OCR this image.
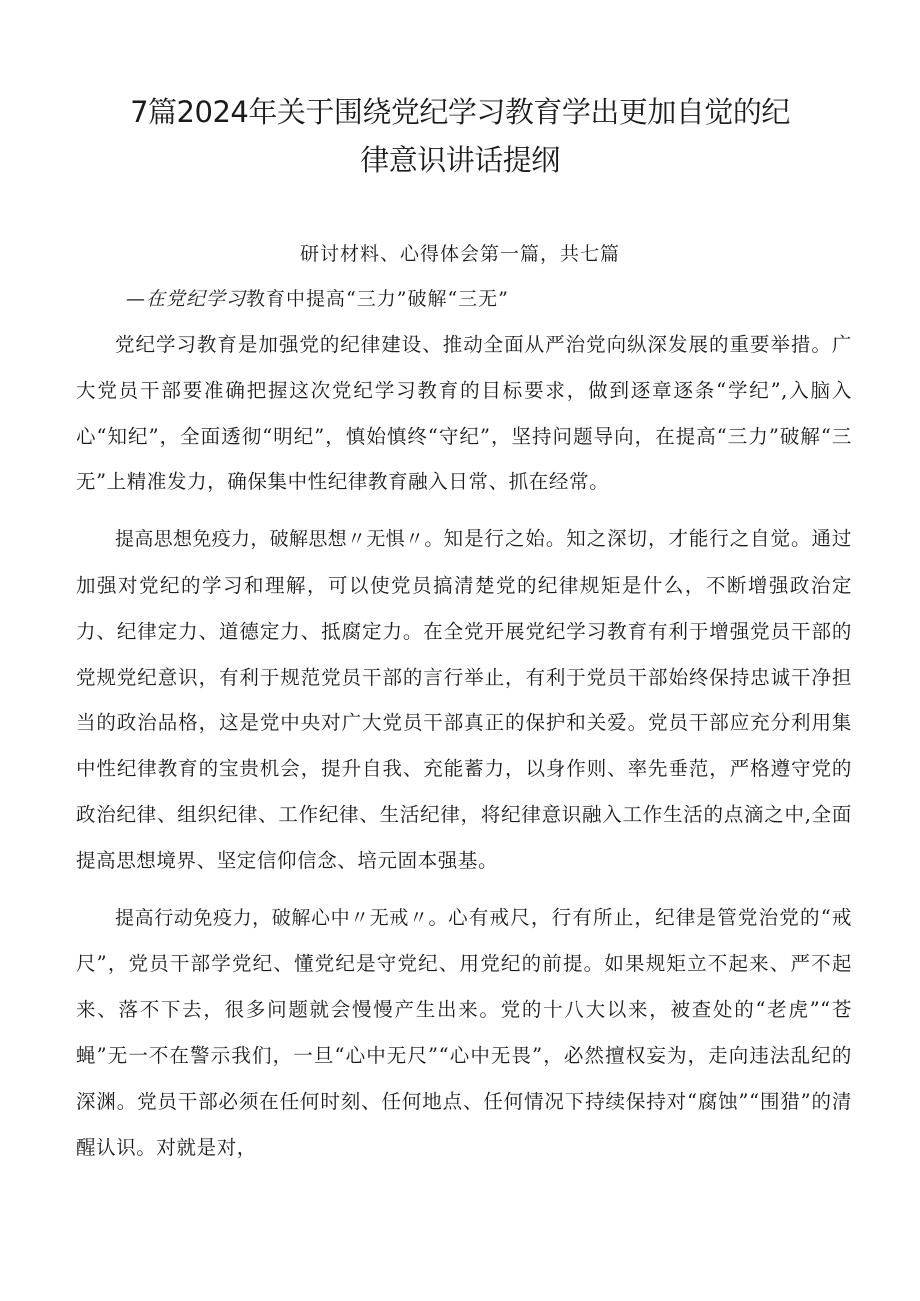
7篇2024年关于围绕党纪学习教育学出更加自觉的纪
律意识讲话提纲
研讨材料、心得体会第一篇，共七篇
—在党纪学习教育中提高“三力”破解“三无”

党纪学习教育是加强党的纪律建设、推动全面从严治党向纵深发展的重要举措。广大党员干部要准确把握这次党纪学习教育的目标要求，做到逐章逐条“学纪”,入脑入心“知纪”，全面透彻“明纪”，慎始慎终“守纪”，坚持问题导向，在提高“三力”破解“三无”上精准发力，确保集中性纪律教育融入日常、抓在经常。

提高思想免疫力，破解思想〃无惧〃。知是行之始。知之深切，才能行之自觉。通过加强对党纪的学习和理解，可以使党员搞清楚党的纪律规矩是什么，不断增强政治定力、纪律定力、道德定力、抵腐定力。在全党开展党纪学习教育有利于增强党员干部的党规党纪意识，有利于规范党员干部的言行举止，有利于党员干部始终保持忠诚干净担当的政治品格，这是党中央对广大党员干部真正的保护和关爱。党员干部应充分利用集中性纪律教育的宝贵机会，提升自我、充能蓄力，以身作则、率先垂范，严格遵守党的政治纪律、组织纪律、工作纪律、生活纪律，将纪律意识融入工作生活的点滴之中,全面提高思想境界、坚定信仰信念、培元固本强基。

提高行动免疫力，破解心中〃无戒〃。心有戒尺，行有所止，纪律是管党治党的“戒尺”，党员干部学党纪、懂党纪是守党纪、用党纪的前提。如果规矩立不起来、严不起来、落不下去，很多问题就会慢慢产生出来。党的十八大以来，被查处的“老虎”“苍蝇”无一不在警示我们，一旦“心中无尺”“心中无畏”，必然擅权妄为，走向违法乱纪的深渊。党员干部必须在任何时刻、任何地点、任何情况下持续保持对“腐蚀”“围猎”的清醒认识。对就是对，
